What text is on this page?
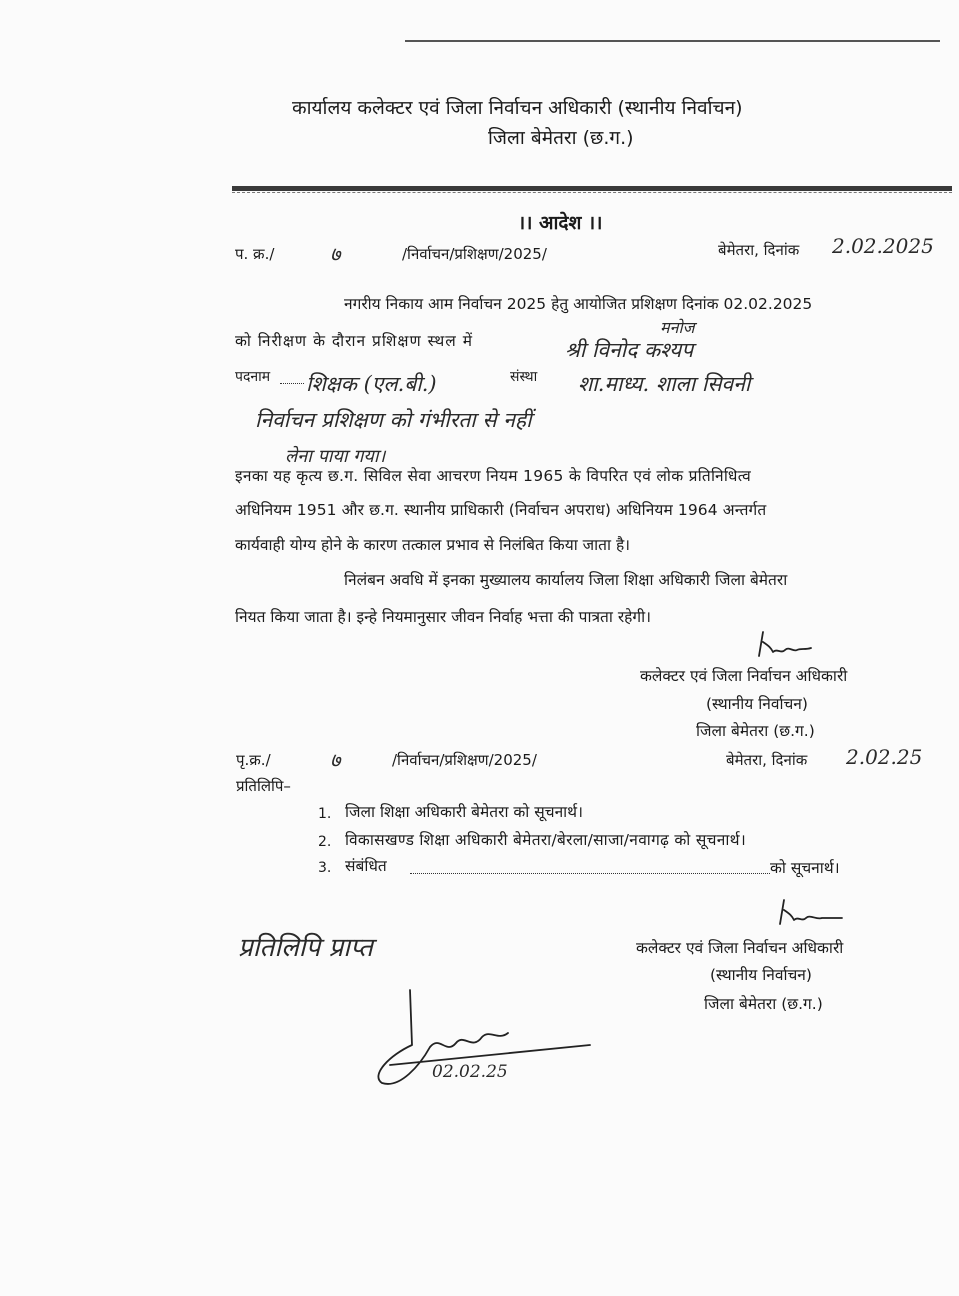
कार्यालय कलेक्टर एवं जिला निर्वाचन अधिकारी (स्थानीय निर्वाचन)
जिला बेमेतरा (छ.ग.)
।। आदेश ।।
प. क्र./	७	/निर्वाचन/प्रशिक्षण/2025/	बेमेतरा, दिनांक 2.02.2025
नगरीय निकाय आम निर्वाचन 2025 हेतु आयोजित प्रशिक्षण दिनांक 02.02.2025
को निरीक्षण के दौरान प्रशिक्षण स्थल में
मनोज
श्री विनोद कश्यप
पदनाम शिक्षक (एल.बी.)	संस्था शा.माध्य. शाला सिवनी
निर्वाचन प्रशिक्षण को गंभीरता से नहीं
लेना पाया गया।
इनका यह कृत्य छ.ग. सिविल सेवा आचरण नियम 1965 के विपरित एवं लोक प्रतिनिधित्व
अधिनियम 1951 और छ.ग. स्थानीय प्राधिकारी (निर्वाचन अपराध) अधिनियम 1964 अन्तर्गत
कार्यवाही योग्य होने के कारण तत्काल प्रभाव से निलंबित किया जाता है।
निलंबन अवधि में इनका मुख्यालय कार्यालय जिला शिक्षा अधिकारी जिला बेमेतरा
नियत किया जाता है। इन्हे नियमानुसार जीवन निर्वाह भत्ता की पात्रता रहेगी।
कलेक्टर एवं जिला निर्वाचन अधिकारी
(स्थानीय निर्वाचन)
जिला बेमेतरा (छ.ग.)
पृ.क्र./	७	/निर्वाचन/प्रशिक्षण/2025/	बेमेतरा, दिनांक 2.02.25
प्रतिलिपि–
1. जिला शिक्षा अधिकारी बेमेतरा को सूचनार्थ।
2. विकासखण्ड शिक्षा अधिकारी बेमेतरा/बेरला/साजा/नवागढ़ को सूचनार्थ।
3. संबंधित	को सूचनार्थ।
कलेक्टर एवं जिला निर्वाचन अधिकारी
(स्थानीय निर्वाचन)
जिला बेमेतरा (छ.ग.)
प्रतिलिपि प्राप्त
02.02.25
